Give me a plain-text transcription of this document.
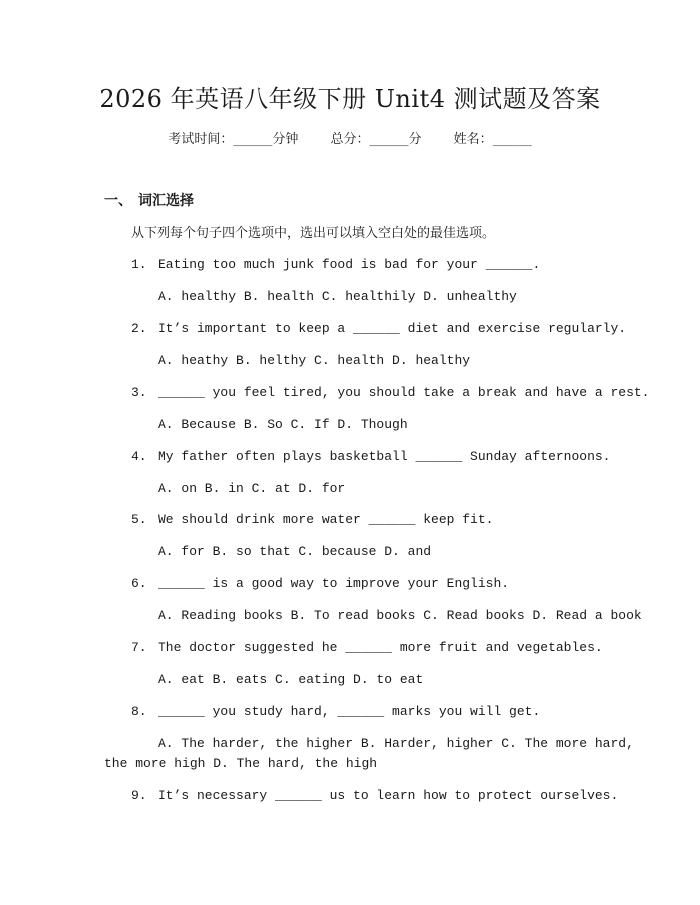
2026 年英语八年级下册 Unit4 测试题及答案
考试时间：______分钟 总分：______分 姓名：______
一、 词汇选择
从下列每个句子四个选项中，选出可以填入空白处的最佳选项。
1. Eating too much junk food is bad for your ______.
A. healthy B. health C. healthily D. unhealthy
2. It’s important to keep a ______ diet and exercise regularly.
A. heathy B. helthy C. health D. healthy
3. ______ you feel tired, you should take a break and have a rest.
A. Because B. So C. If D. Though
4. My father often plays basketball ______ Sunday afternoons.
A. on B. in C. at D. for
5. We should drink more water ______ keep fit.
A. for B. so that C. because D. and
6. ______ is a good way to improve your English.
A. Reading books B. To read books C. Read books D. Read a book
7. The doctor suggested he ______ more fruit and vegetables.
A. eat B. eats C. eating D. to eat
8. ______ you study hard, ______ marks you will get.
A. The harder, the higher B. Harder, higher C. The more hard,
the more high D. The hard, the high
9. It’s necessary ______ us to learn how to protect ourselves.
